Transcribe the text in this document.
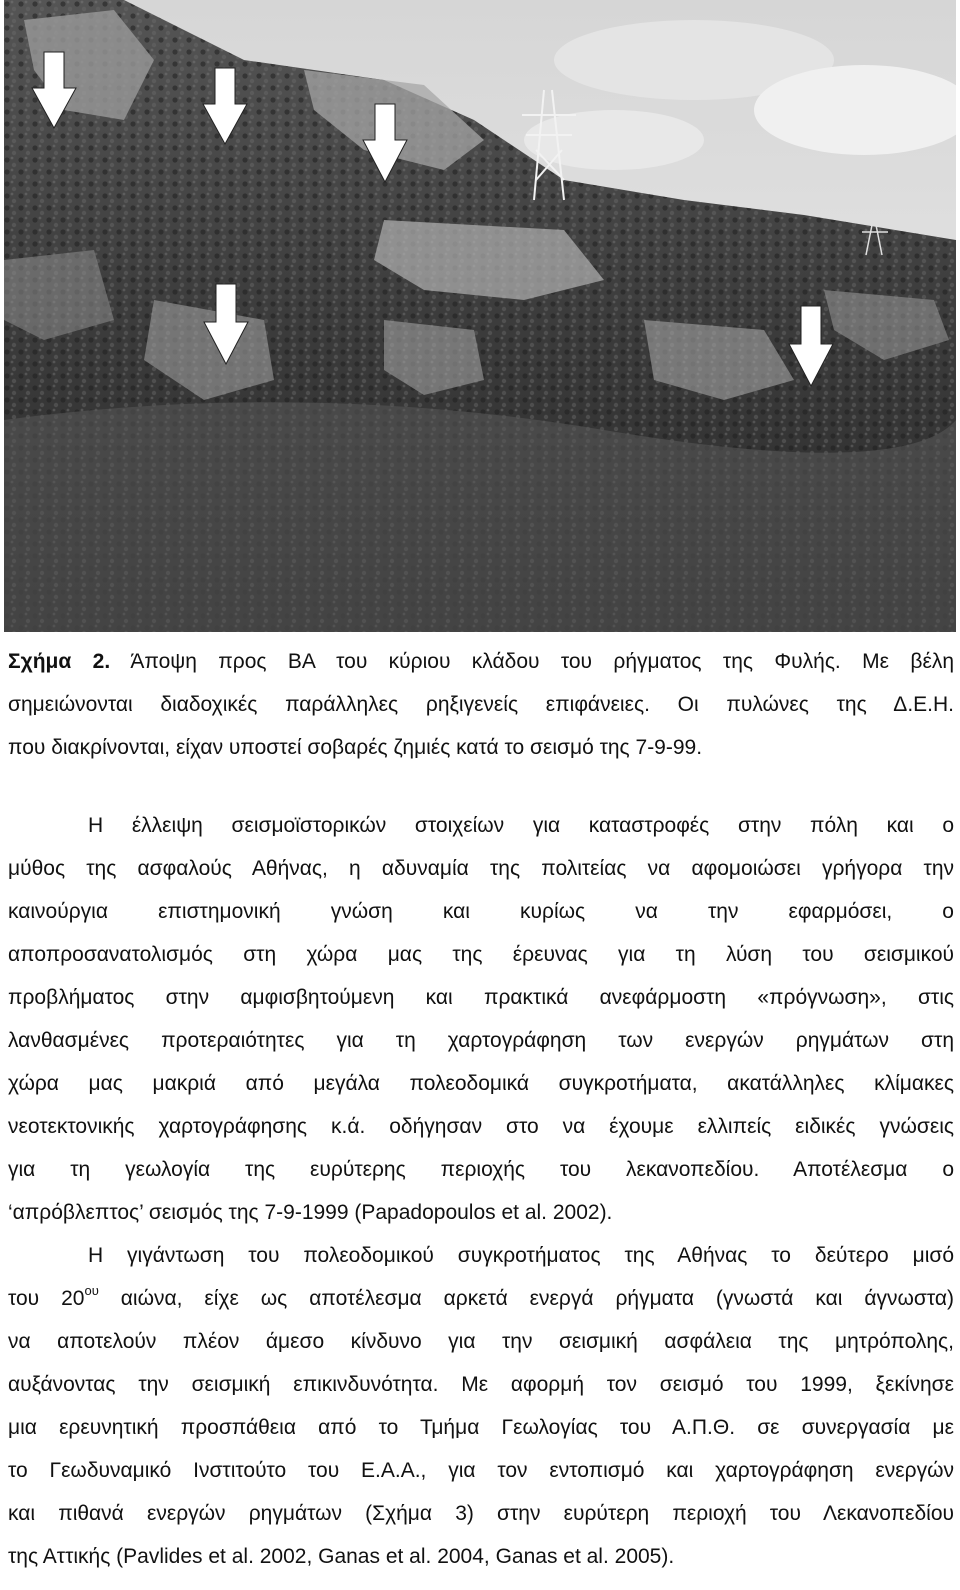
Σχήμα 2. Άποψη προς ΒΑ του κύριου κλάδου του ρήγματος της Φυλής. Με βέλη
σημειώνονται διαδοχικές παράλληλες ρηξιγενείς επιφάνειες. Οι πυλώνες της Δ.Ε.Η.
που διακρίνονται, είχαν υποστεί σοβαρές ζημιές κατά το σεισμό της 7-9-99.
Η έλλειψη σεισμοϊστορικών στοιχείων για καταστροφές στην πόλη και ο
μύθος της ασφαλούς Αθήνας, η αδυναμία της πολιτείας να αφομοιώσει γρήγορα την
καινούργια επιστημονική γνώση και κυρίως να την εφαρμόσει, ο
αποπροσανατολισμός στη χώρα μας της έρευνας για τη λύση του σεισμικού
προβλήματος στην αμφισβητούμενη και πρακτικά ανεφάρμοστη «πρόγνωση», στις
λανθασμένες προτεραιότητες για τη χαρτογράφηση των ενεργών ρηγμάτων στη
χώρα μας μακριά από μεγάλα πολεοδομικά συγκροτήματα, ακατάλληλες κλίμακες
νεοτεκτονικής χαρτογράφησης κ.ά. οδήγησαν στο να έχουμε ελλιπείς ειδικές γνώσεις
για τη γεωλογία της ευρύτερης περιοχής του λεκανοπεδίου. Αποτέλεσμα ο
‘απρόβλεπτος’ σεισμός της 7-9-1999 (Papadopoulos et al. 2002).
Η γιγάντωση του πολεοδομικού συγκροτήματος της Αθήνας το δεύτερο μισό
του $20^{o\upsilon}$ αιώνα, είχε ως αποτέλεσμα αρκετά ενεργά ρήγματα (γνωστά και άγνωστα)
να αποτελούν πλέον άμεσο κίνδυνο για την σεισμική ασφάλεια της μητρόπολης,
αυξάνοντας την σεισμική επικινδυνότητα. Με αφορμή τον σεισμό του 1999, ξεκίνησε
μια ερευνητική προσπάθεια από το Τμήμα Γεωλογίας του Α.Π.Θ. σε συνεργασία με
το Γεωδυναμικό Ινστιτούτο του Ε.Α.Α., για τον εντοπισμό και χαρτογράφηση ενεργών
και πιθανά ενεργών ρηγμάτων (Σχήμα 3) στην ευρύτερη περιοχή του Λεκανοπεδίου
της Αττικής (Pavlides et al. 2002, Ganas et al. 2004, Ganas et al. 2005).
